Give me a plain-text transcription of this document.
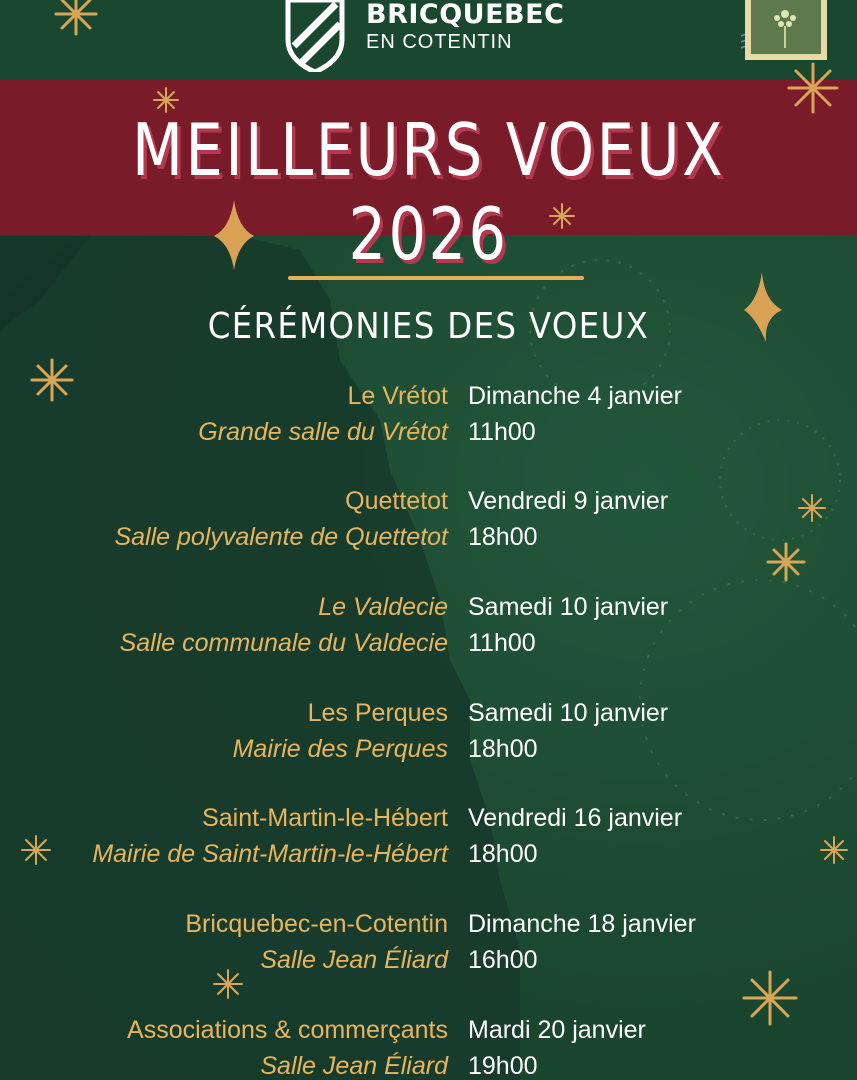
BRICQUEBEC
EN COTENTIN
MEILLEURS VOEUX 2026
CÉRÉMONIES DES VOEUX
Le Vrétot
Grande salle du Vrétot
Dimanche 4 janvier
11h00
Quettetot
Salle polyvalente de Quettetot
Vendredi 9 janvier
18h00
Le Valdecie
Salle communale du Valdecie
Samedi 10 janvier
11h00
Les Perques
Mairie des Perques
Samedi 10 janvier
18h00
Saint-Martin-le-Hébert
Mairie de Saint-Martin-le-Hébert
Vendredi 16 janvier
18h00
Bricquebec-en-Cotentin
Salle Jean Éliard
Dimanche 18 janvier
16h00
Associations & commerçants
Salle Jean Éliard
Mardi 20 janvier
19h00
